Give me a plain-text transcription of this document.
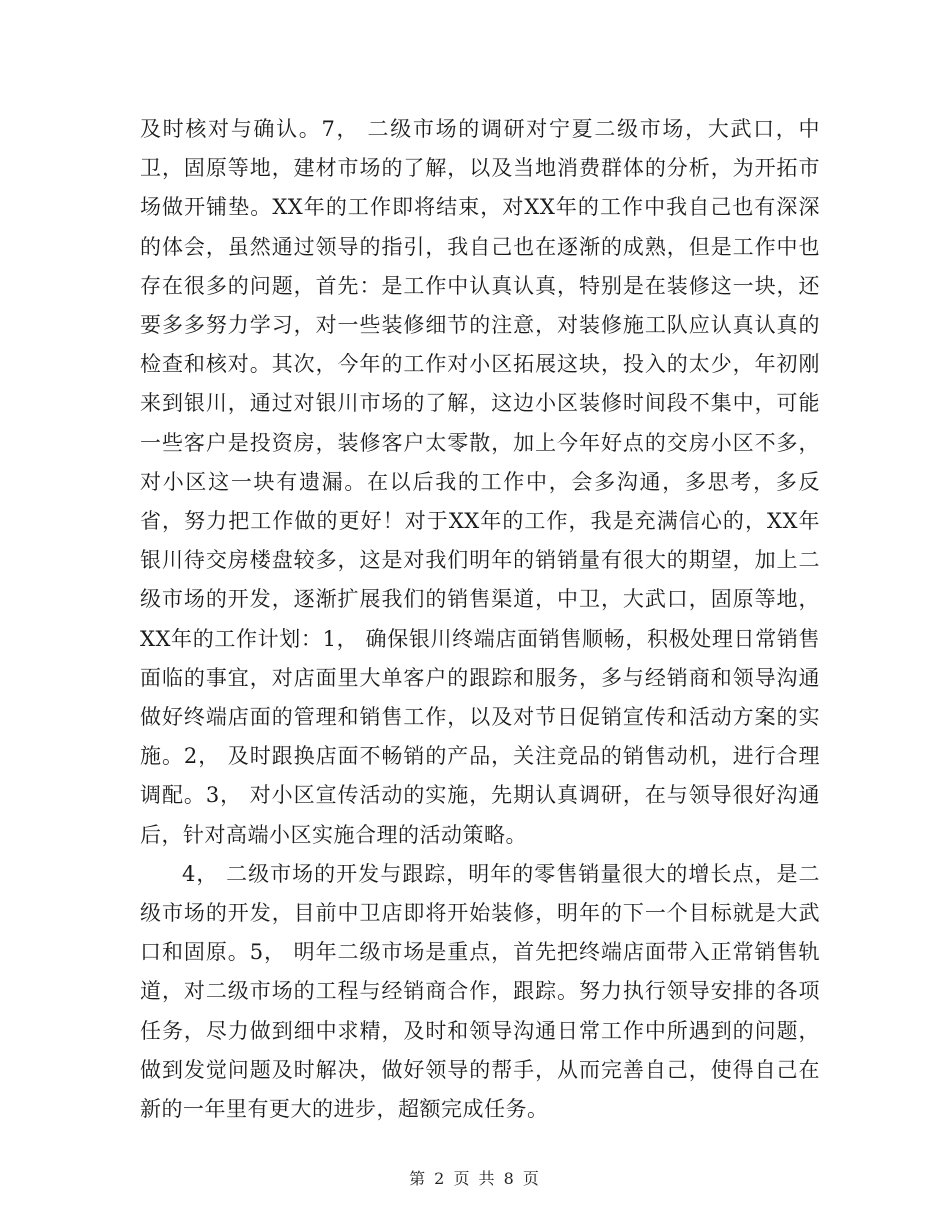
及时核对与确认。7， 二级市场的调研对宁夏二级市场，大武口，中卫，固原等地，建材市场的了解，以及当地消费群体的分析，为开拓市场做开铺垫。XX年的工作即将结束，对XX年的工作中我自己也有深深的体会，虽然通过领导的指引，我自己也在逐渐的成熟，但是工作中也存在很多的问题，首先：是工作中认真认真，特别是在装修这一块，还要多多努力学习，对一些装修细节的注意，对装修施工队应认真认真的检查和核对。其次，今年的工作对小区拓展这块，投入的太少，年初刚来到银川，通过对银川市场的了解，这边小区装修时间段不集中，可能一些客户是投资房，装修客户太零散，加上今年好点的交房小区不多，对小区这一块有遗漏。在以后我的工作中，会多沟通，多思考，多反省，努力把工作做的更好！对于XX年的工作，我是充满信心的，XX年银川待交房楼盘较多，这是对我们明年的销销量有很大的期望，加上二级市场的开发，逐渐扩展我们的销售渠道，中卫，大武口，固原等地，XX年的工作计划：1， 确保银川终端店面销售顺畅，积极处理日常销售面临的事宜，对店面里大单客户的跟踪和服务，多与经销商和领导沟通做好终端店面的管理和销售工作，以及对节日促销宣传和活动方案的实施。2， 及时跟换店面不畅销的产品，关注竞品的销售动机，进行合理调配。3， 对小区宣传活动的实施，先期认真调研，在与领导很好沟通后，针对高端小区实施合理的活动策略。

4， 二级市场的开发与跟踪，明年的零售销量很大的增长点，是二级市场的开发，目前中卫店即将开始装修，明年的下一个目标就是大武口和固原。5， 明年二级市场是重点，首先把终端店面带入正常销售轨道，对二级市场的工程与经销商合作，跟踪。努力执行领导安排的各项任务，尽力做到细中求精，及时和领导沟通日常工作中所遇到的问题，做到发觉问题及时解决，做好领导的帮手，从而完善自己，使得自己在新的一年里有更大的进步，超额完成任务。

第 2 页 共 8 页
